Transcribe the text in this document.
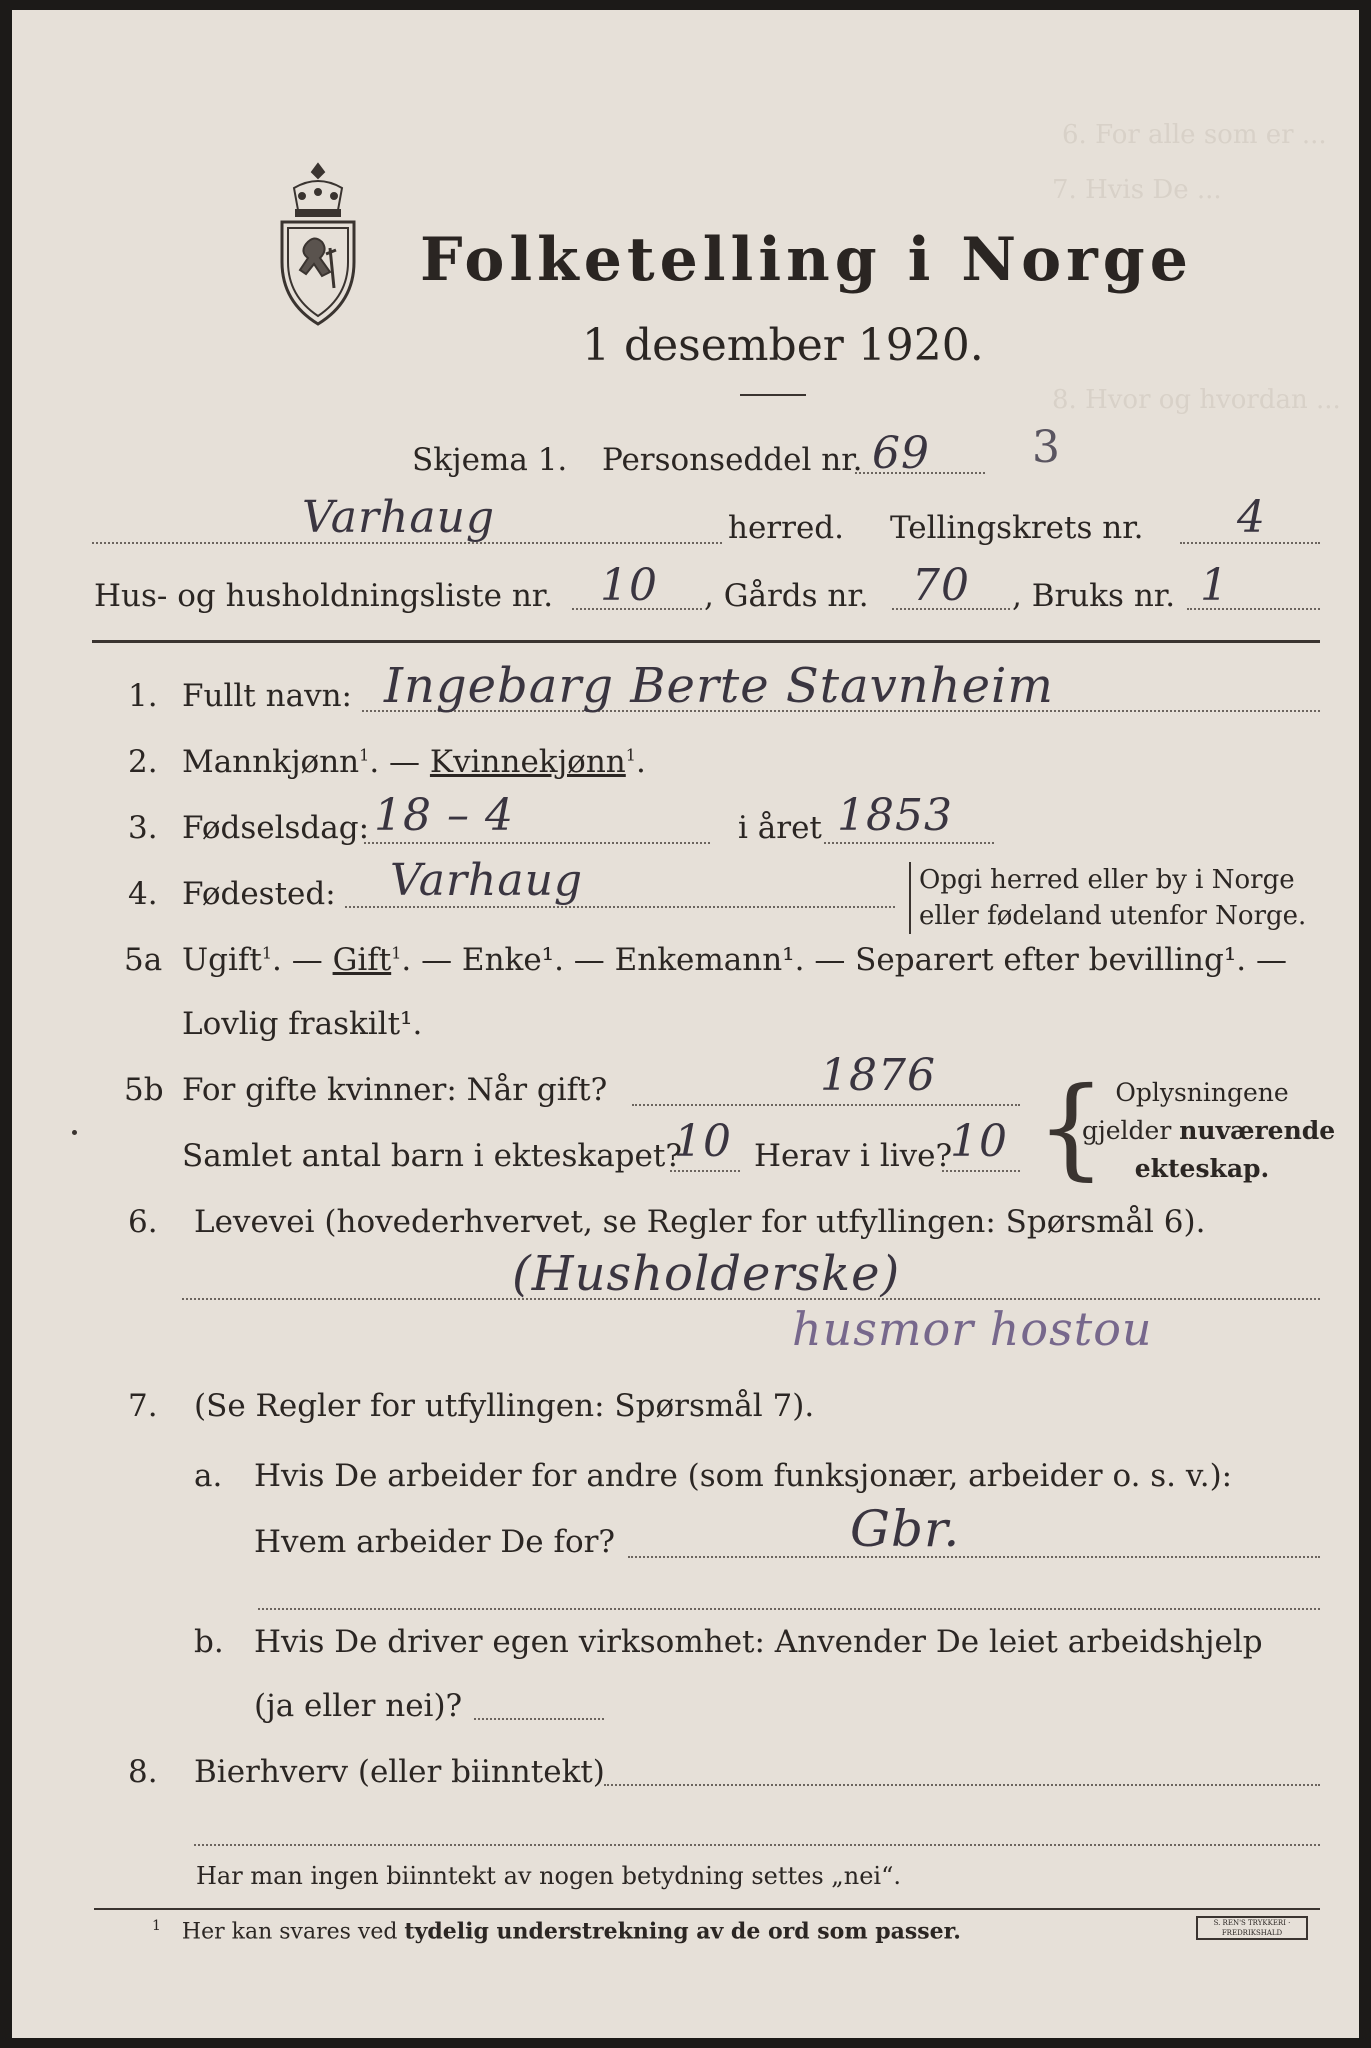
6. For alle som er ...
7. Hvis De ...
8. Hvor og hvordan ...
Folketelling i Norge
1 desember 1920.
Skjema 1. Personseddel nr. 69 3
Varhaug	herred. Tellingskrets nr. 4
Hus- og husholdningsliste nr. 10 , Gårds nr. 70 , Bruks nr. 1
1. Fullt navn: Ingebarg Berte Stavnheim
2. Mannkjønn$^1$. — Kvinnekjønn$^1$.
3. Fødselsdag: 18 – 4	i året 1853
4. Fødested: Varhaug	Opgi herred eller by i Norge
eller fødeland utenfor Norge.
5a Ugift$^1$. — Gift$^1$. — Enke¹. — Enkemann¹. — Separert efter bevilling¹. —
Lovlig fraskilt¹.
5b For gifte kvinner: Når gift?	1876
Samlet antal barn i ekteskapet?
10 Herav i live?
10 { Oplysningene
gjelder nuværende
ekteskap.
6. Levevei (hovederhvervet, se Regler for utfyllingen: Spørsmål 6).
(Husholderske)
husmor hostou
7. (Se Regler for utfyllingen: Spørsmål 7).
a. Hvis De arbeider for andre (som funksjonær, arbeider o. s. v.):
Hvem arbeider De for?	Gbr.
b. Hvis De driver egen virksomhet: Anvender De leiet arbeidshjelp
(ja eller nei)?
8. Bierhverv (eller biinntekt)
Har man ingen biinntekt av nogen betydning settes „nei“.
$^1$ Her kan svares ved tydelig understrekning av de ord som passer.	S. REN'S TRYKKERI · FREDRIKSHALD
